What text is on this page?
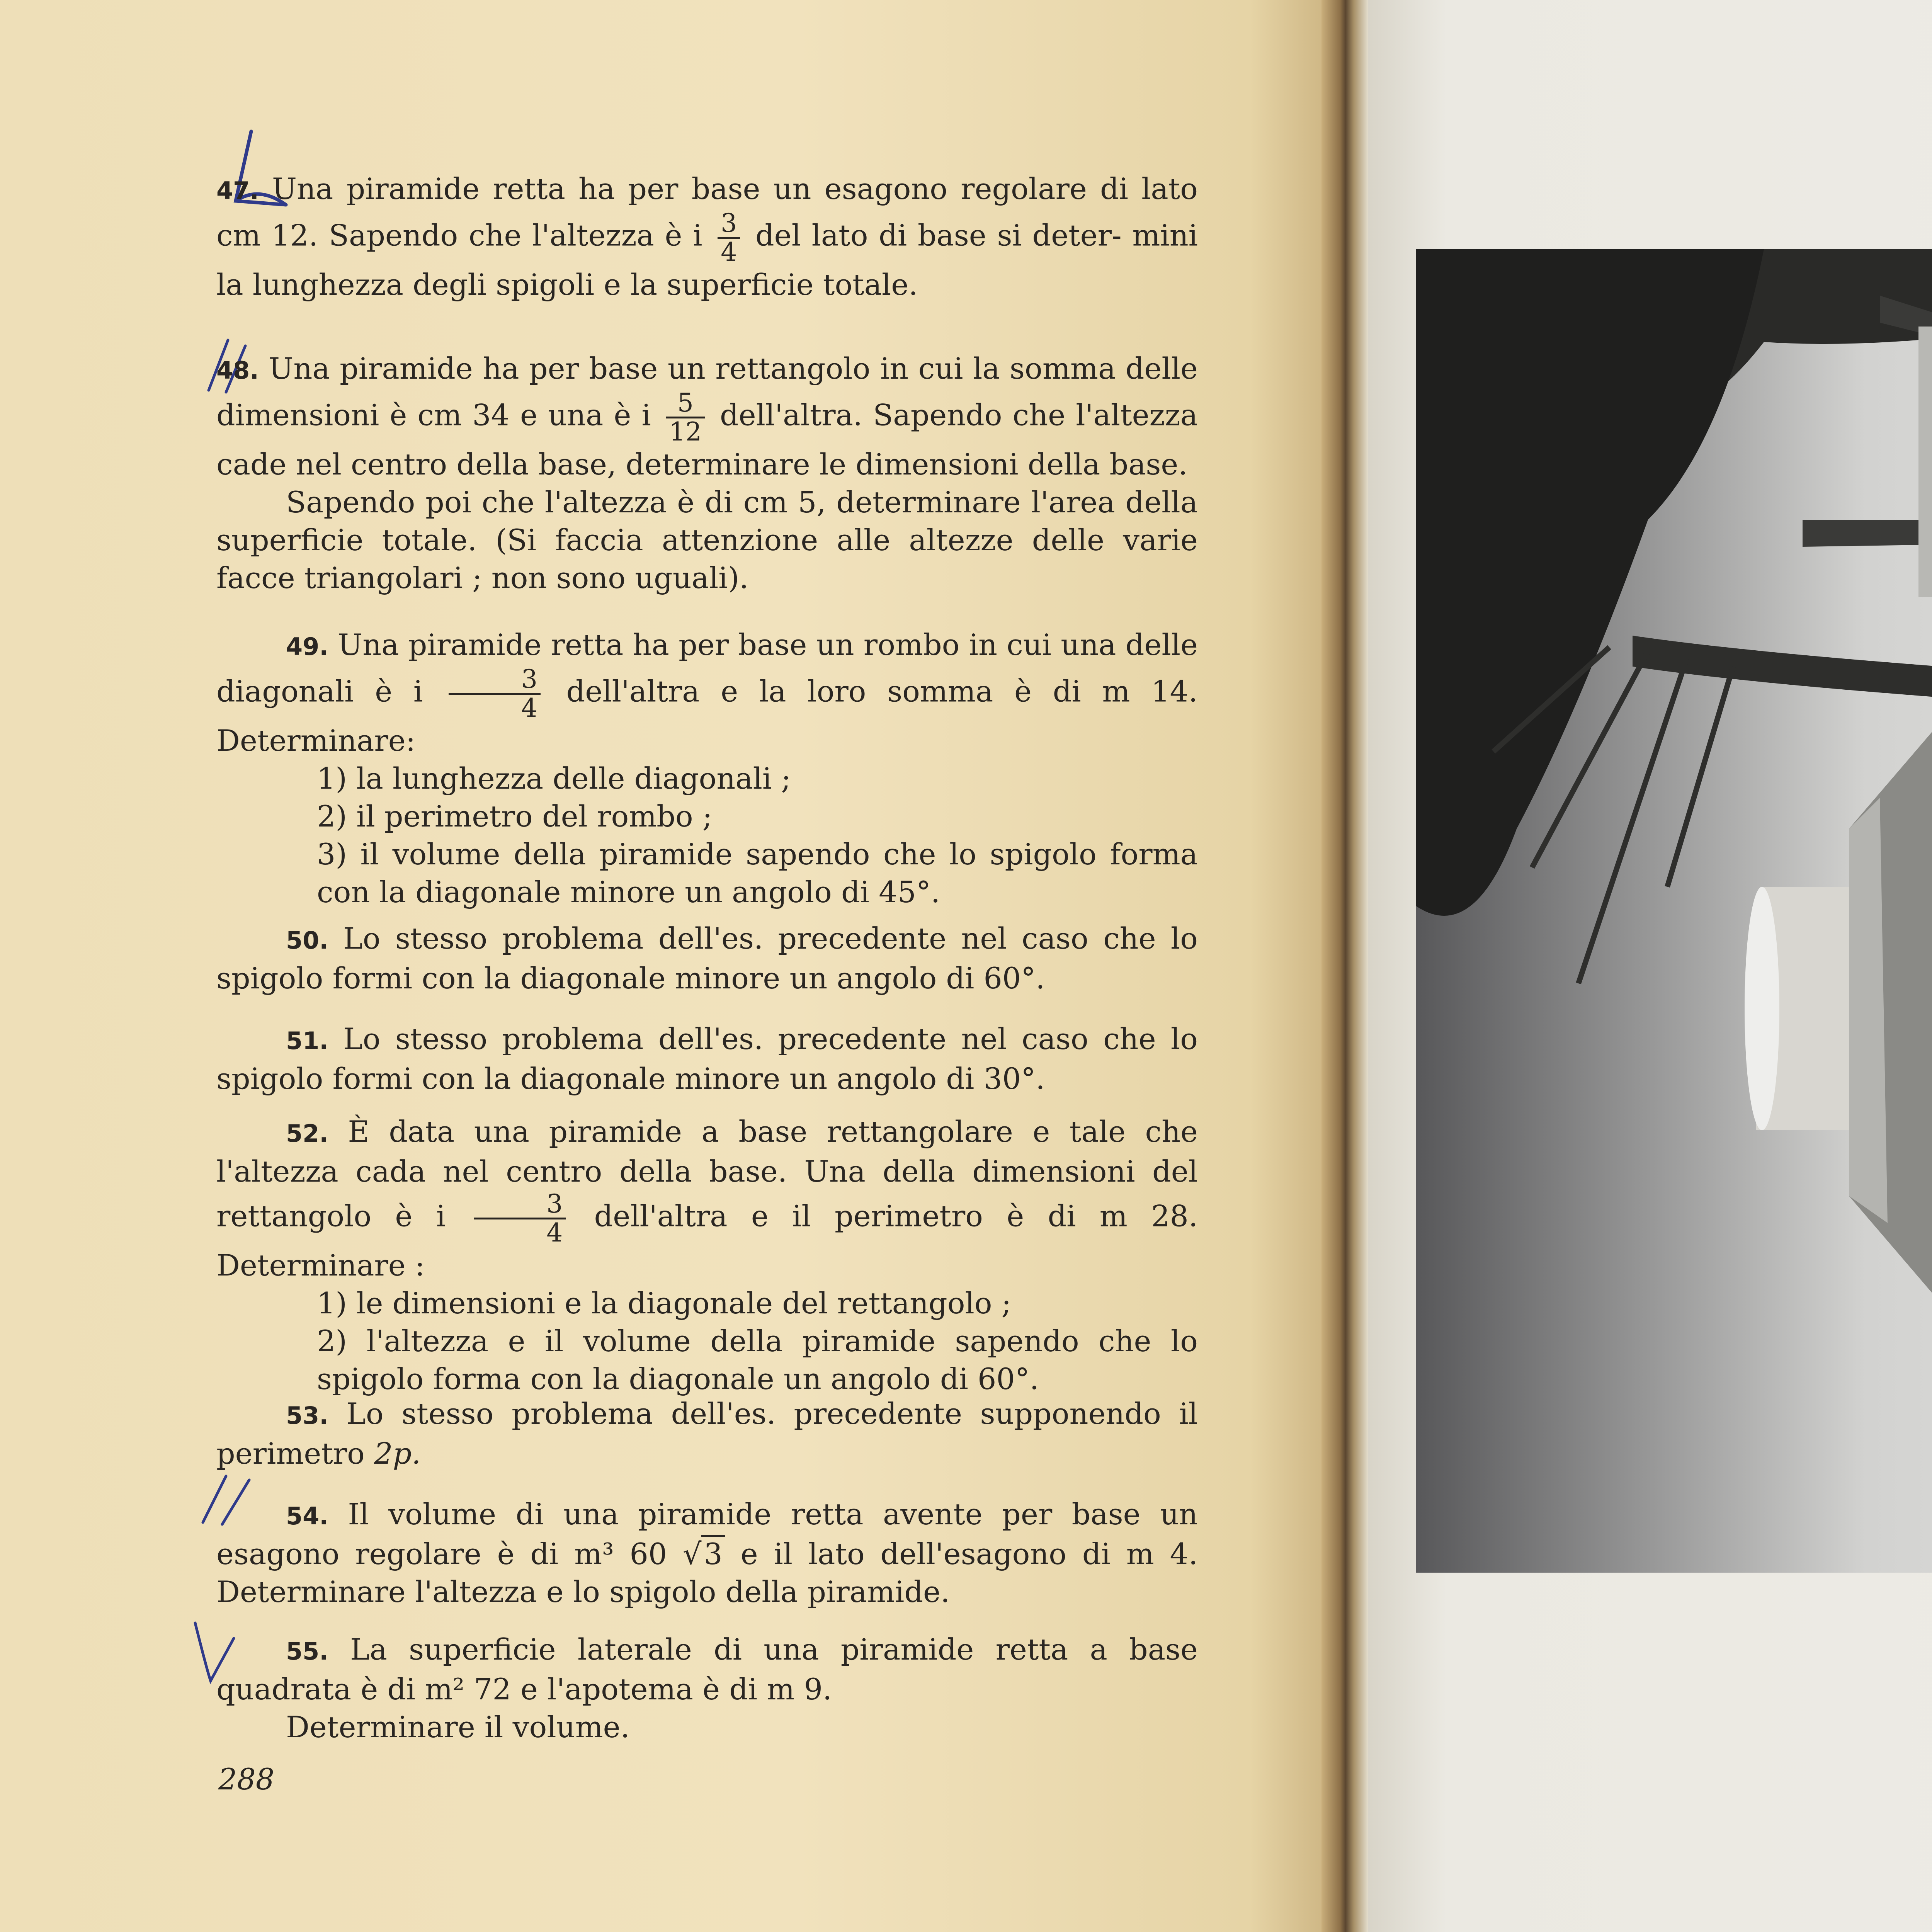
47. Una piramide retta ha per base un esagono regolare di lato cm 12. Sapendo che l'altezza è i $\frac{3}{4}$ del lato di base si deter- mini la lunghezza degli spigoli e la superficie totale.

48. Una piramide ha per base un rettangolo in cui la somma delle dimensioni è cm 34 e una è i $\frac{5}{12}$ dell'altra. Sapendo che l'altezza cade nel centro della base, determinare le dimensioni della base.

Sapendo poi che l'altezza è di cm 5, determinare l'area della superficie totale. (Si faccia attenzione alle altezze delle varie facce triangolari ; non sono uguali).

49. Una piramide retta ha per base un rombo in cui una delle diagonali è i $\frac{3}{4}$ dell'altra e la loro somma è di m 14. Determinare:

1) la lunghezza delle diagonali ;

2) il perimetro del rombo ;

3) il volume della piramide sapendo che lo spigolo forma con la diagonale minore un angolo di 45°.

50. Lo stesso problema dell'es. precedente nel caso che lo spigolo formi con la diagonale minore un angolo di 60°.

51. Lo stesso problema dell'es. precedente nel caso che lo spigolo formi con la diagonale minore un angolo di 30°.

52. È data una piramide a base rettangolare e tale che l'altezza cada nel centro della base. Una della dimensioni del rettangolo è i $\frac{3}{4}$ dell'altra e il perimetro è di m 28. Determinare :

1) le dimensioni e la diagonale del rettangolo ;

2) l'altezza e il volume della piramide sapendo che lo spigolo forma con la diagonale un angolo di 60°.

53. Lo stesso problema dell'es. precedente supponendo il perimetro 2p.

54. Il volume di una piramide retta avente per base un esagono regolare è di m³ 60 √3 e il lato dell'esagono di m 4. Determinare l'altezza e lo spigolo della piramide.

55. La superficie laterale di una piramide retta a base quadrata è di m² 72 e l'apotema è di m 9.

Determinare il volume.

288
